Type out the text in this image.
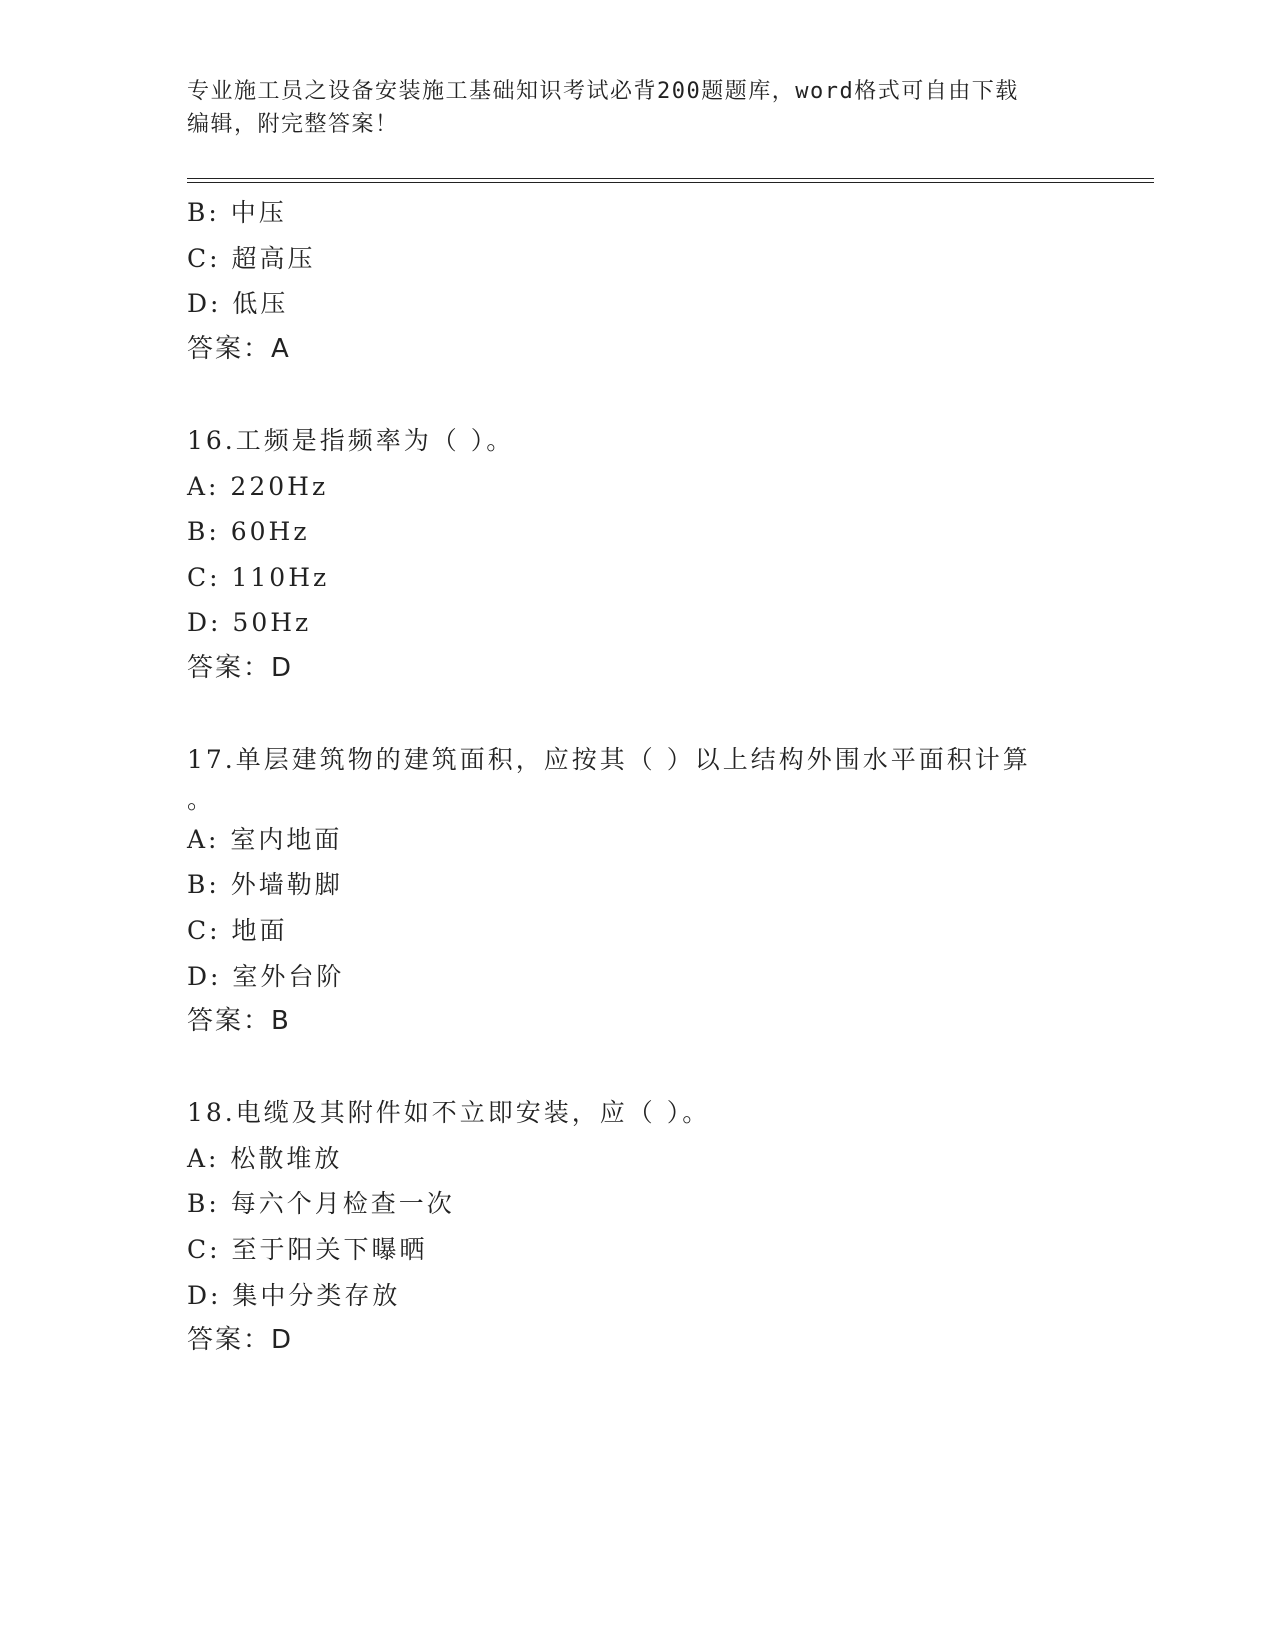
专业施工员之设备安装施工基础知识考试必背200题题库，word格式可自由下载
编辑，附完整答案！
B: 中压
C: 超高压
D: 低压
答案：A
16.工频是指频率为（ ）。
A: 220Hz
B: 60Hz
C: 110Hz
D: 50Hz
答案：D
17.单层建筑物的建筑面积，应按其（ ）以上结构外围水平面积计算
。
A: 室内地面
B: 外墙勒脚
C: 地面
D: 室外台阶
答案：B
18.电缆及其附件如不立即安装，应（ ）。
A: 松散堆放
B: 每六个月检查一次
C: 至于阳关下曝晒
D: 集中分类存放
答案：D
